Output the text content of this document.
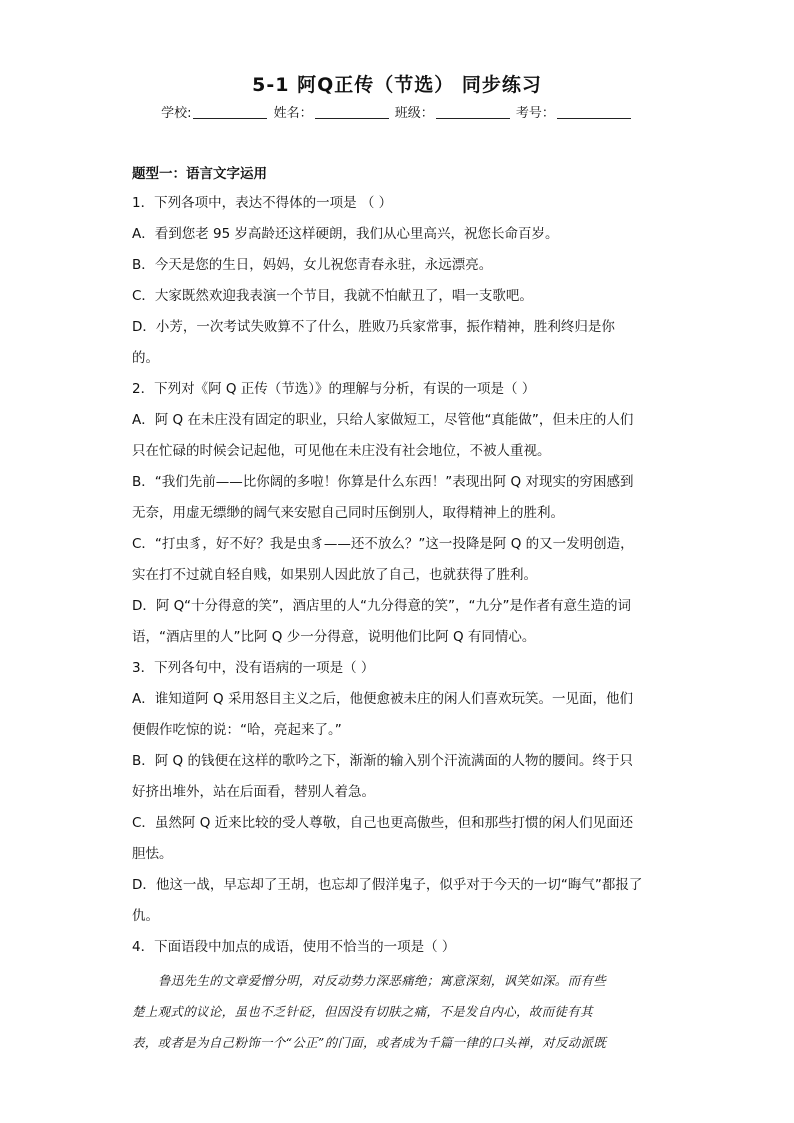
5-1 阿Q正传（节选） 同步练习
学校:	姓名：	班级：	考号：
题型一：语言文字运用
1．下列各项中，表达不得体的一项是 （ ）
A．看到您老 95 岁高龄还这样硬朗，我们从心里高兴，祝您长命百岁。
B．今天是您的生日，妈妈，女儿祝您青春永驻，永远漂亮。
C．大家既然欢迎我表演一个节目，我就不怕献丑了，唱一支歌吧。
D．小芳，一次考试失败算不了什么，胜败乃兵家常事，振作精神，胜利终归是你
的。
2．下列对《阿 Q 正传（节选）》的理解与分析，有误的一项是（ ）
A．阿 Q 在未庄没有固定的职业，只给人家做短工，尽管他“真能做”，但未庄的人们
只在忙碌的时候会记起他，可见他在未庄没有社会地位，不被人重视。
B．“我们先前——比你阔的多啦！你算是什么东西！”表现出阿 Q 对现实的穷困感到
无奈，用虚无缥缈的阔气来安慰自己同时压倒别人，取得精神上的胜利。
C．“打虫豸，好不好？我是虫豸——还不放么？”这一投降是阿 Q 的又一发明创造，
实在打不过就自轻自贱，如果别人因此放了自己，也就获得了胜利。
D．阿 Q“十分得意的笑”，酒店里的人“九分得意的笑”，“九分”是作者有意生造的词
语，“酒店里的人”比阿 Q 少一分得意，说明他们比阿 Q 有同情心。
3．下列各句中，没有语病的一项是（ ）
A．谁知道阿 Q 采用怒目主义之后，他便愈被未庄的闲人们喜欢玩笑。一见面，他们
便假作吃惊的说：“哈，亮起来了。”
B．阿 Q 的钱便在这样的歌吟之下，渐渐的输入别个汗流满面的人物的腰间。终于只
好挤出堆外，站在后面看，替别人着急。
C．虽然阿 Q 近来比较的受人尊敬，自己也更高傲些，但和那些打惯的闲人们见面还
胆怯。
D．他这一战，早忘却了王胡，也忘却了假洋鬼子，似乎对于今天的一切“晦气”都报了
仇。
4．下面语段中加点的成语，使用不恰当的一项是（ ）
鲁迅先生的文章爱憎分明，对反动势力深恶痛绝；寓意深刻，讽笑如深。而有些
楚上观式的议论，虽也不乏针砭，但因没有切肤之痛，不是发自内心，故而徒有其
表，或者是为自己粉饰一个“公正”的门面，或者成为千篇一律的口头禅，对反动派既
